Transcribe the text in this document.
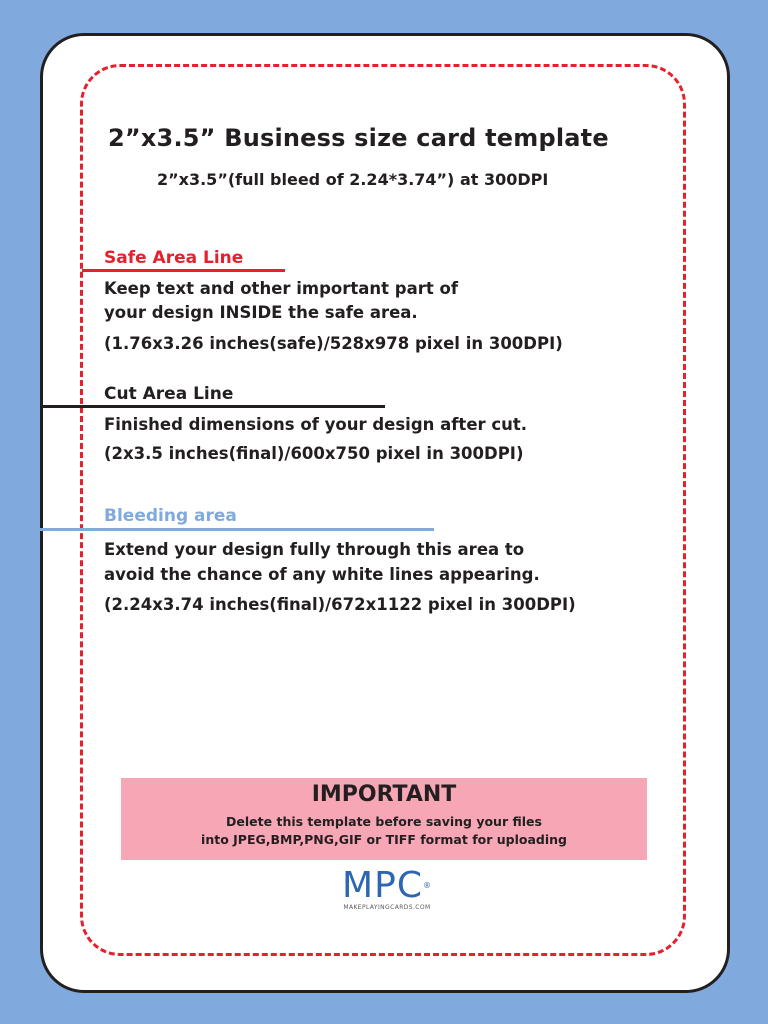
2”x3.5” Business size card template
2”x3.5”(full bleed of 2.24*3.74”) at 300DPI
Safe Area Line
Keep text and other important part of
your design INSIDE the safe area.
(1.76x3.26 inches(safe)/528x978 pixel in 300DPI)
Cut Area Line
Finished dimensions of your design after cut.
(2x3.5 inches(final)/600x750 pixel in 300DPI)
Bleeding area
Extend your design fully through this area to
avoid the chance of any white lines appearing.
(2.24x3.74 inches(final)/672x1122 pixel in 300DPI)
IMPORTANT

Delete this template before saving your files
into JPEG,BMP,PNG,GIF or TIFF format for uploading

MPC®
MAKEPLAYINGCARDS.COM
